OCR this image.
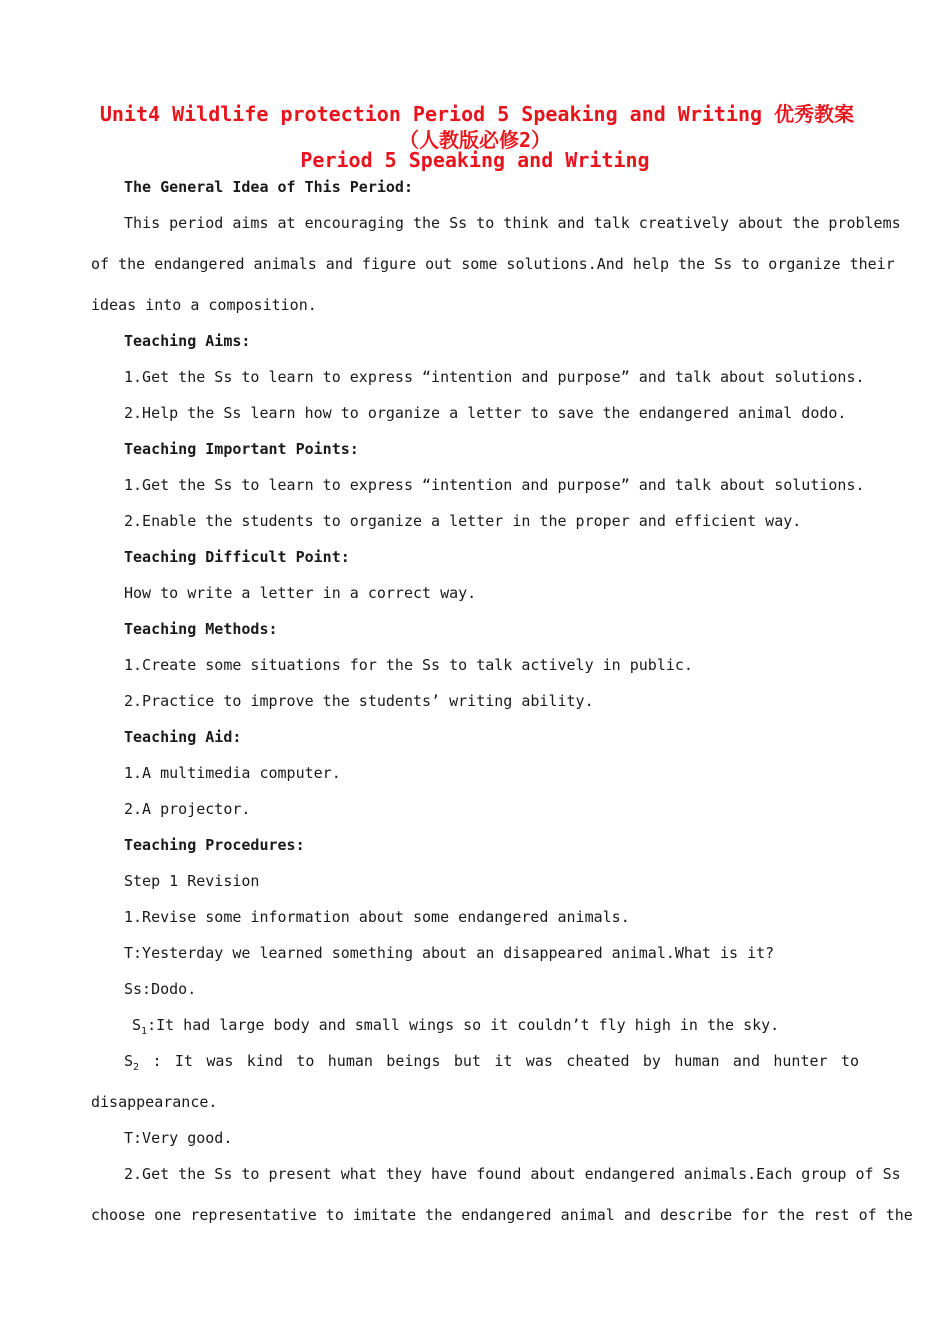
Unit4 Wildlife protection Period 5 Speaking and Writing 优秀教案
（人教版必修2）
Period 5 Speaking and Writing
The General Idea of This Period:
This period aims at encouraging the Ss to think and talk creatively about the problems
of the endangered animals and figure out some solutions.And help the Ss to organize their
ideas into a composition.
Teaching Aims:
1.Get the Ss to learn to express “intention and purpose” and talk about solutions.
2.Help the Ss learn how to organize a letter to save the endangered animal dodo.
Teaching Important Points:
1.Get the Ss to learn to express “intention and purpose” and talk about solutions.
2.Enable the students to organize a letter in the proper and efficient way.
Teaching Difficult Point:
How to write a letter in a correct way.
Teaching Methods:
1.Create some situations for the Ss to talk actively in public.
2.Practice to improve the students’ writing ability.
Teaching Aid:
1.A multimedia computer.
2.A projector.
Teaching Procedures:
Step 1 Revision
1.Revise some information about some endangered animals.
T:Yesterday we learned something about an disappeared animal.What is it?
Ss:Dodo.
$S_1:It$ had large body and small wings so it couldn’t fly high in the sky.
$S_2$ : It was kind to human beings but it was cheated by human and hunter to
disappearance.
T:Very good.
2.Get the Ss to present what they have found about endangered animals.Each group of Ss
choose one representative to imitate the endangered animal and describe for the rest of the
